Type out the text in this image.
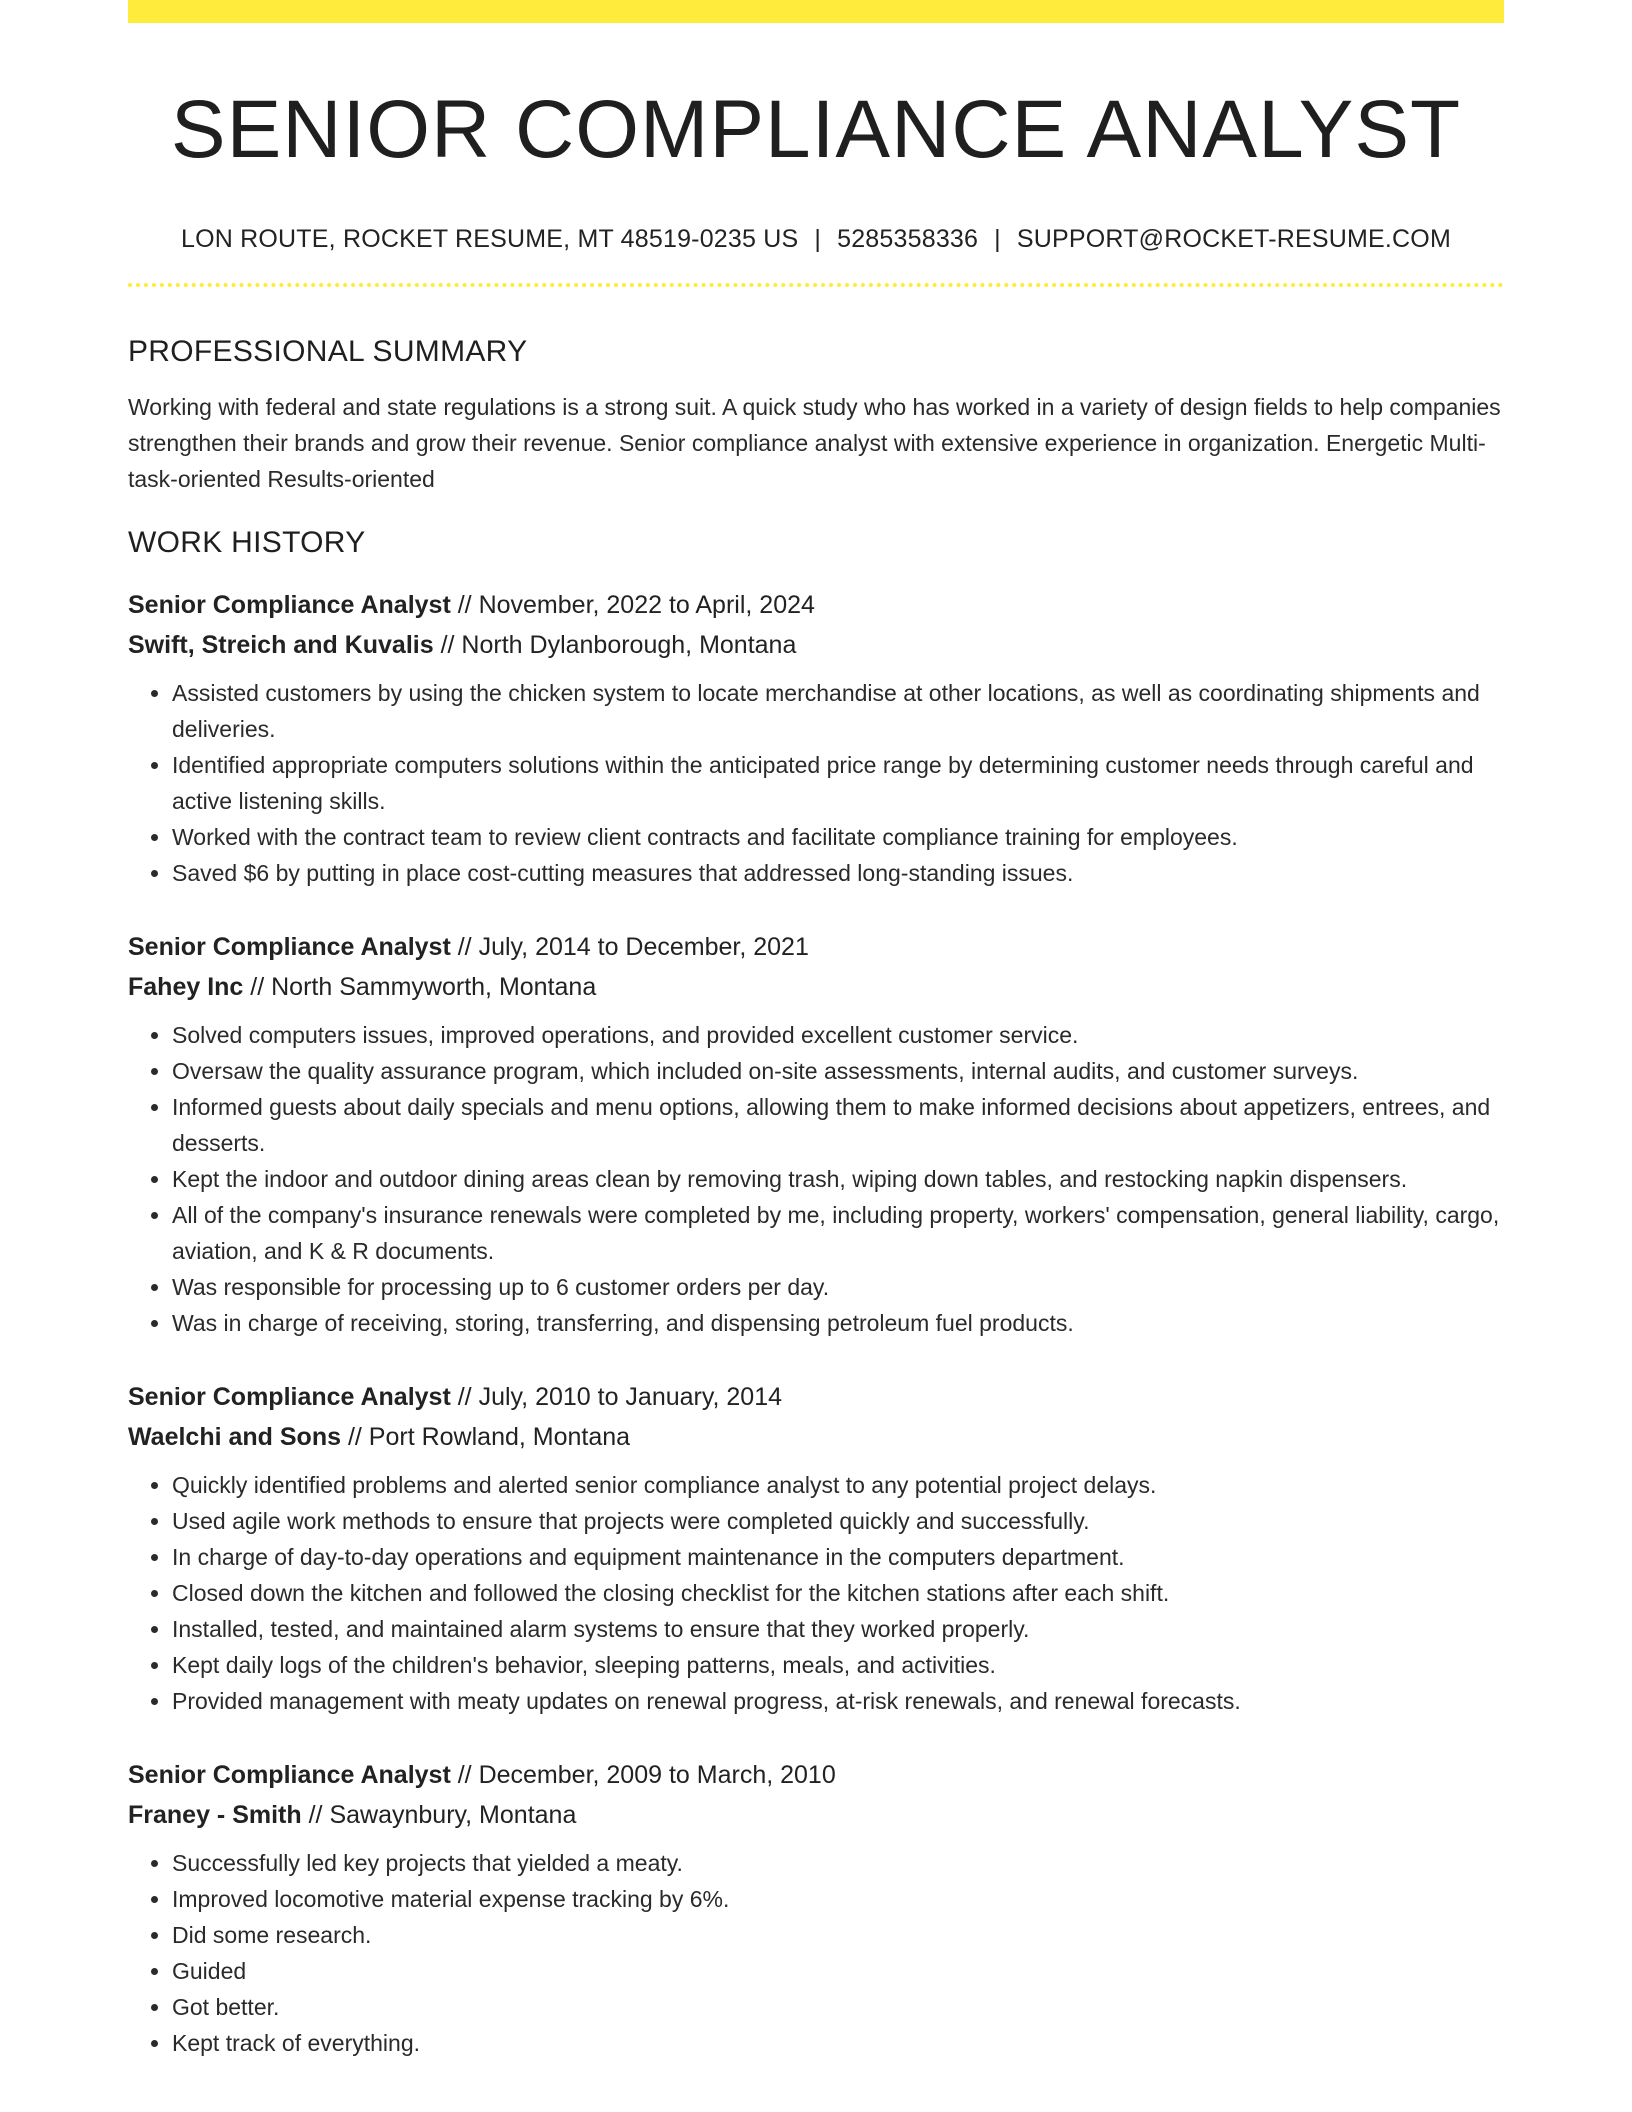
SENIOR COMPLIANCE ANALYST
LON ROUTE, ROCKET RESUME, MT 48519-0235 US | 5285358336 | SUPPORT@ROCKET-RESUME.COM
PROFESSIONAL SUMMARY
Working with federal and state regulations is a strong suit. A quick study who has worked in a variety of design fields to help companies strengthen their brands and grow their revenue. Senior compliance analyst with extensive experience in organization. Energetic Multi-task-oriented Results-oriented
WORK HISTORY
Senior Compliance Analyst // November, 2022 to April, 2024
Swift, Streich and Kuvalis // North Dylanborough, Montana
• Assisted customers by using the chicken system to locate merchandise at other locations, as well as coordinating shipments and deliveries.
• Identified appropriate computers solutions within the anticipated price range by determining customer needs through careful and active listening skills.
• Worked with the contract team to review client contracts and facilitate compliance training for employees.
• Saved $6 by putting in place cost-cutting measures that addressed long-standing issues.
Senior Compliance Analyst // July, 2014 to December, 2021
Fahey Inc // North Sammyworth, Montana
• Solved computers issues, improved operations, and provided excellent customer service.
• Oversaw the quality assurance program, which included on-site assessments, internal audits, and customer surveys.
• Informed guests about daily specials and menu options, allowing them to make informed decisions about appetizers, entrees, and desserts.
• Kept the indoor and outdoor dining areas clean by removing trash, wiping down tables, and restocking napkin dispensers.
• All of the company's insurance renewals were completed by me, including property, workers' compensation, general liability, cargo, aviation, and K & R documents.
• Was responsible for processing up to 6 customer orders per day.
• Was in charge of receiving, storing, transferring, and dispensing petroleum fuel products.
Senior Compliance Analyst // July, 2010 to January, 2014
Waelchi and Sons // Port Rowland, Montana
• Quickly identified problems and alerted senior compliance analyst to any potential project delays.
• Used agile work methods to ensure that projects were completed quickly and successfully.
• In charge of day-to-day operations and equipment maintenance in the computers department.
• Closed down the kitchen and followed the closing checklist for the kitchen stations after each shift.
• Installed, tested, and maintained alarm systems to ensure that they worked properly.
• Kept daily logs of the children's behavior, sleeping patterns, meals, and activities.
• Provided management with meaty updates on renewal progress, at-risk renewals, and renewal forecasts.
Senior Compliance Analyst // December, 2009 to March, 2010
Franey - Smith // Sawaynbury, Montana
• Successfully led key projects that yielded a meaty.
• Improved locomotive material expense tracking by 6%.
• Did some research.
• Guided
• Got better.
• Kept track of everything.
